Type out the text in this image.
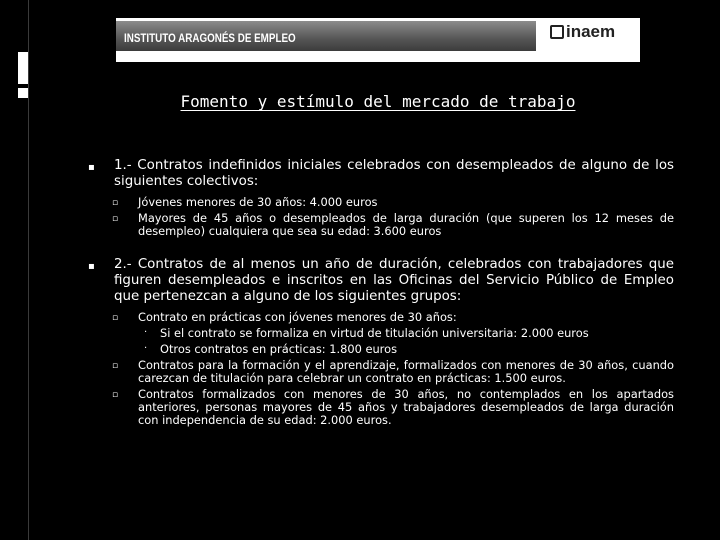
INSTITUTO ARAGONÉS DE EMPLEO	inaem
Fomento y estímulo del mercado de trabajo
▪ 1.- Contratos indefinidos iniciales celebrados con desempleados de alguno de los siguientes colectivos:
▫ Jóvenes menores de 30 años: 4.000 euros
▫ Mayores de 45 años o desempleados de larga duración (que superen los 12 meses de desempleo) cualquiera que sea su edad: 3.600 euros
▪ 2.- Contratos de al menos un año de duración, celebrados con trabajadores que figuren desempleados e inscritos en las Oficinas del Servicio Público de Empleo que pertenezcan a alguno de los siguientes grupos:
▫ Contrato en prácticas con jóvenes menores de 30 años:
· Si el contrato se formaliza en virtud de titulación universitaria: 2.000 euros
· Otros contratos en prácticas: 1.800 euros
▫ Contratos para la formación y el aprendizaje, formalizados con menores de 30 años, cuando carezcan de titulación para celebrar un contrato en prácticas: 1.500 euros.
▫ Contratos formalizados con menores de 30 años, no contemplados en los apartados anteriores, personas mayores de 45 años y trabajadores desempleados de larga duración con independencia de su edad: 2.000 euros.
